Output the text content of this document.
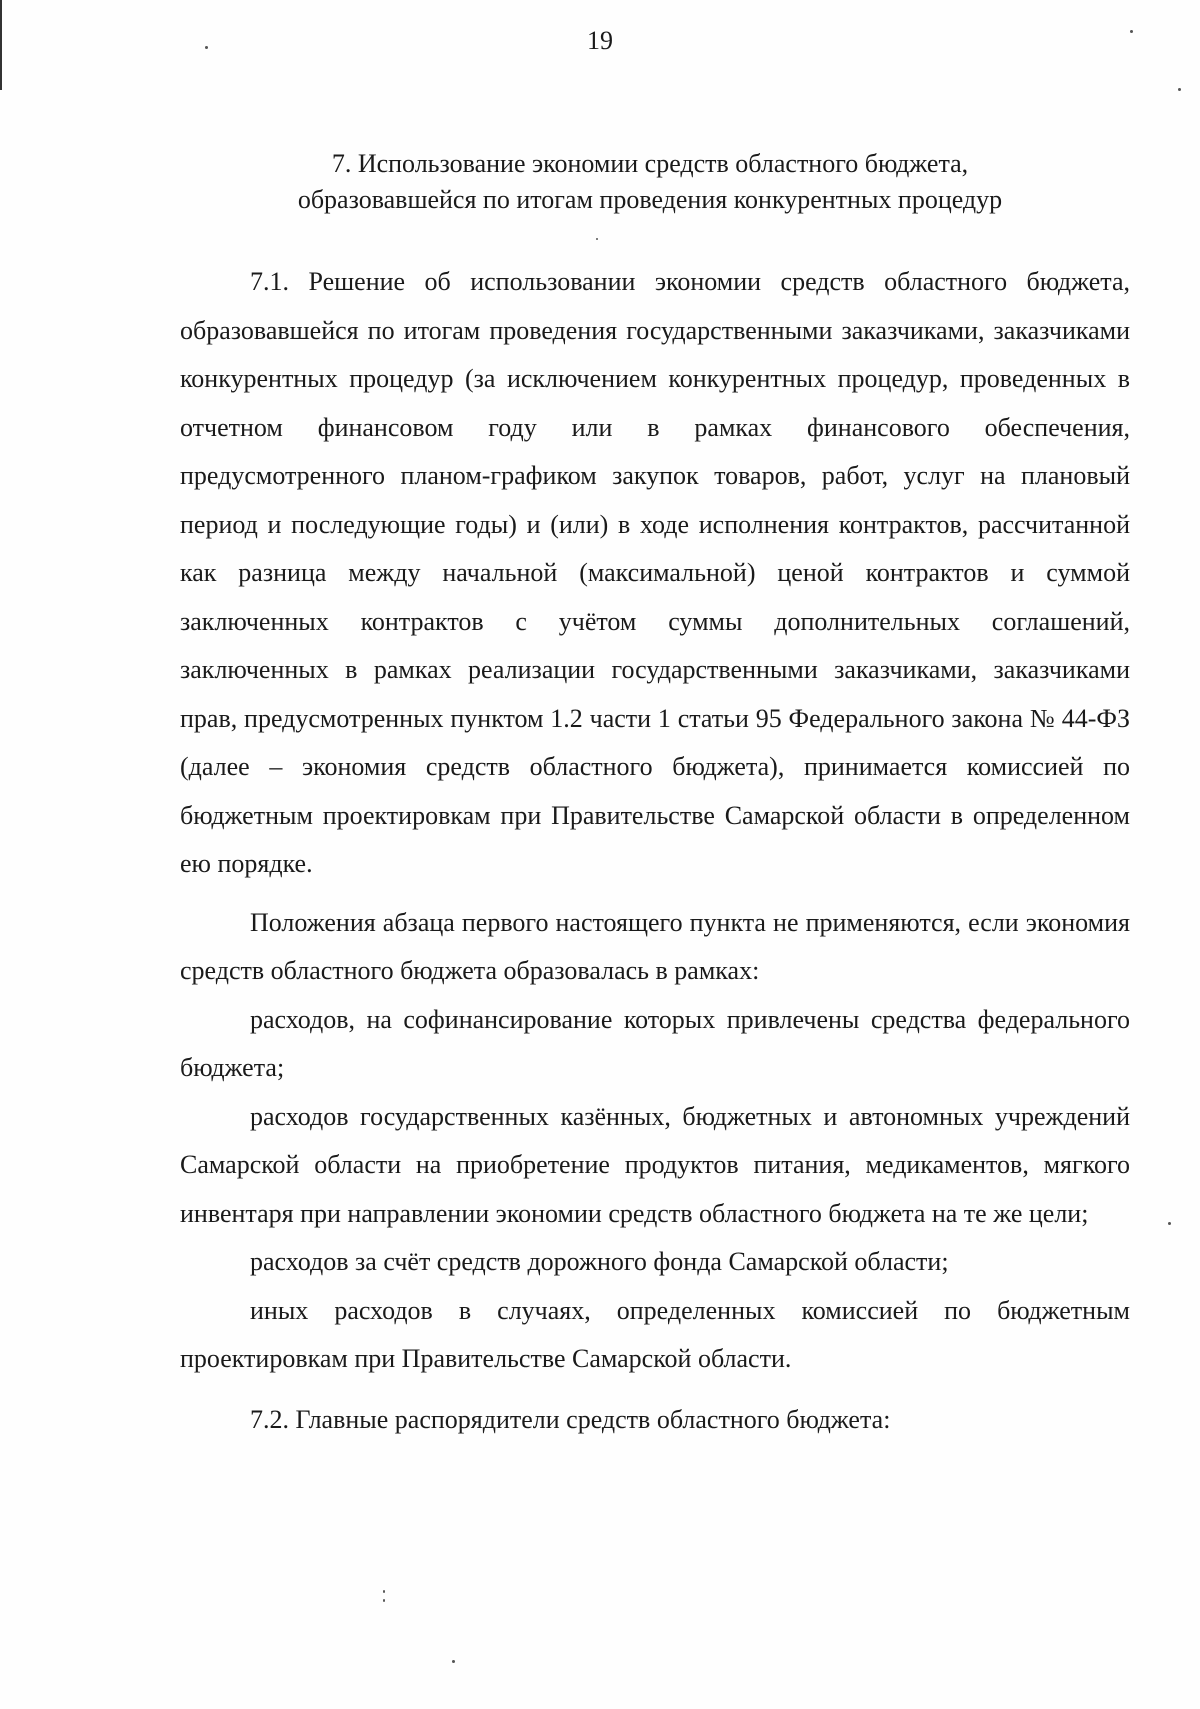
19
7. Использование экономии средств областного бюджета,
образовавшейся по итогам проведения конкурентных процедур

7.1. Решение об использовании экономии средств областного бюджета, образовавшейся по итогам проведения государственными заказчиками, заказчиками конкурентных процедур (за исключением конкурентных процедур, проведенных в отчетном финансовом году или в рамках финансового обеспечения, предусмотренного планом-графиком закупок товаров, работ, услуг на плановый период и последующие годы) и (или) в ходе исполнения контрактов, рассчитанной как разница между начальной (максимальной) ценой контрактов и суммой заключенных контрактов с учётом суммы дополнительных соглашений, заключенных в рамках реализации государственными заказчиками, заказчиками прав, предусмотренных пунктом 1.2 части 1 статьи 95 Федерального закона № 44-ФЗ (далее – экономия средств областного бюджета), принимается комиссией по бюджетным проектировкам при Правительстве Самарской области в определенном ею порядке.

Положения абзаца первого настоящего пункта не применяются, если экономия средств областного бюджета образовалась в рамках:

расходов, на софинансирование которых привлечены средства федерального бюджета;

расходов государственных казённых, бюджетных и автономных учреждений Самарской области на приобретение продуктов питания, медикаментов, мягкого инвентаря при направлении экономии средств областного бюджета на те же цели;

расходов за счёт средств дорожного фонда Самарской области;

иных расходов в случаях, определенных комиссией по бюджетным проектировкам при Правительстве Самарской области.

7.2. Главные распорядители средств областного бюджета:
